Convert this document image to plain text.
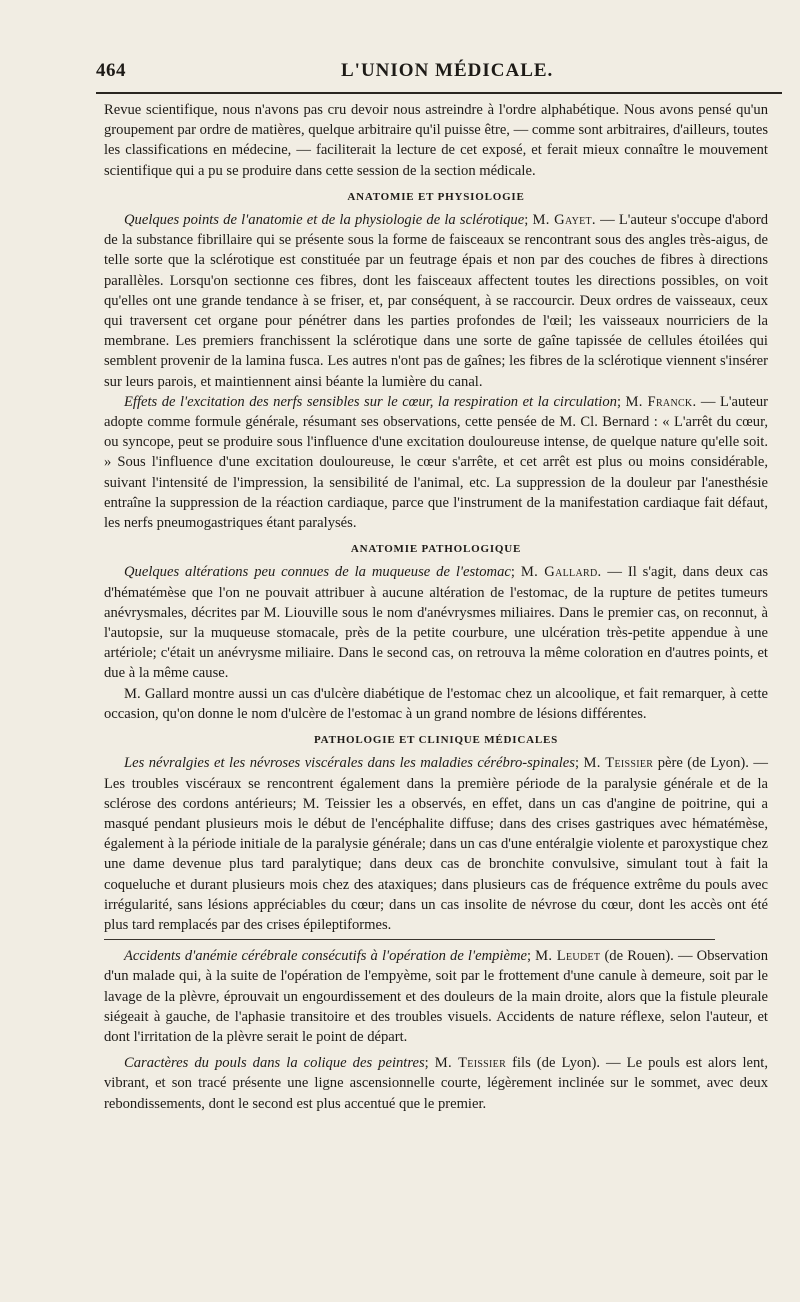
464	L'UNION MÉDICALE.

Revue scientifique, nous n'avons pas cru devoir nous astreindre à l'ordre alphabétique. Nous avons pensé qu'un groupement par ordre de matières, quelque arbitraire qu'il puisse être, — comme sont arbitraires, d'ailleurs, toutes les classifications en médecine, — faciliterait la lecture de cet exposé, et ferait mieux connaître le mouvement scientifique qui a pu se produire dans cette session de la section médicale.

ANATOMIE ET PHYSIOLOGIE

Quelques points de l'anatomie et de la physiologie de la sclérotique; M. Gayet. — L'auteur s'occupe d'abord de la substance fibrillaire qui se présente sous la forme de faisceaux se rencontrant sous des angles très-aigus, de telle sorte que la sclérotique est constituée par un feutrage épais et non par des couches de fibres à directions parallèles. Lorsqu'on sectionne ces fibres, dont les faisceaux affectent toutes les directions possibles, on voit qu'elles ont une grande tendance à se friser, et, par conséquent, à se raccourcir. Deux ordres de vaisseaux, ceux qui traversent cet organe pour pénétrer dans les parties profondes de l'œil; les vaisseaux nourriciers de la membrane. Les premiers franchissent la sclérotique dans une sorte de gaîne tapissée de cellules étoilées qui semblent provenir de la lamina fusca. Les autres n'ont pas de gaînes; les fibres de la sclérotique viennent s'insérer sur leurs parois, et maintiennent ainsi béante la lumière du canal.

Effets de l'excitation des nerfs sensibles sur le cœur, la respiration et la circulation; M. Franck. — L'auteur adopte comme formule générale, résumant ses observations, cette pensée de M. Cl. Bernard : « L'arrêt du cœur, ou syncope, peut se produire sous l'influence d'une excitation douloureuse intense, de quelque nature qu'elle soit. » Sous l'influence d'une excitation douloureuse, le cœur s'arrête, et cet arrêt est plus ou moins considérable, suivant l'intensité de l'impression, la sensibilité de l'animal, etc. La suppression de la douleur par l'anesthésie entraîne la suppression de la réaction cardiaque, parce que l'instrument de la manifestation cardiaque fait défaut, les nerfs pneumogastriques étant paralysés.

ANATOMIE PATHOLOGIQUE

Quelques altérations peu connues de la muqueuse de l'estomac; M. Gallard. — Il s'agit, dans deux cas d'hématémèse que l'on ne pouvait attribuer à aucune altération de l'estomac, de la rupture de petites tumeurs anévrysmales, décrites par M. Liouville sous le nom d'anévrysmes miliaires. Dans le premier cas, on reconnut, à l'autopsie, sur la muqueuse stomacale, près de la petite courbure, une ulcération très-petite appendue à une artériole; c'était un anévrysme miliaire. Dans le second cas, on retrouva la même coloration en d'autres points, et due à la même cause.

M. Gallard montre aussi un cas d'ulcère diabétique de l'estomac chez un alcoolique, et fait remarquer, à cette occasion, qu'on donne le nom d'ulcère de l'estomac à un grand nombre de lésions différentes.

PATHOLOGIE ET CLINIQUE MÉDICALES

Les névralgies et les névroses viscérales dans les maladies cérébro-spinales; M. Teissier père (de Lyon). — Les troubles viscéraux se rencontrent également dans la première période de la paralysie générale et de la sclérose des cordons antérieurs; M. Teissier les a observés, en effet, dans un cas d'angine de poitrine, qui a masqué pendant plusieurs mois le début de l'encéphalite diffuse; dans des crises gastriques avec hématémèse, également à la période initiale de la paralysie générale; dans un cas d'une entéralgie violente et paroxystique chez une dame devenue plus tard paralytique; dans deux cas de bronchite convulsive, simulant tout à fait la coqueluche et durant plusieurs mois chez des ataxiques; dans plusieurs cas de fréquence extrême du pouls avec irrégularité, sans lésions appréciables du cœur; dans un cas insolite de névrose du cœur, dont les accès ont été plus tard remplacés par des crises épileptiformes.

Accidents d'anémie cérébrale consécutifs à l'opération de l'empième; M. Leudet (de Rouen). — Observation d'un malade qui, à la suite de l'opération de l'empyème, soit par le frottement d'une canule à demeure, soit par le lavage de la plèvre, éprouvait un engourdissement et des douleurs de la main droite, alors que la fistule pleurale siégeait à gauche, de l'aphasie transitoire et des troubles visuels. Accidents de nature réflexe, selon l'auteur, et dont l'irritation de la plèvre serait le point de départ.

Caractères du pouls dans la colique des peintres; M. Teissier fils (de Lyon). — Le pouls est alors lent, vibrant, et son tracé présente une ligne ascensionnelle courte, légèrement inclinée sur le sommet, avec deux rebondissements, dont le second est plus accentué que le premier.
